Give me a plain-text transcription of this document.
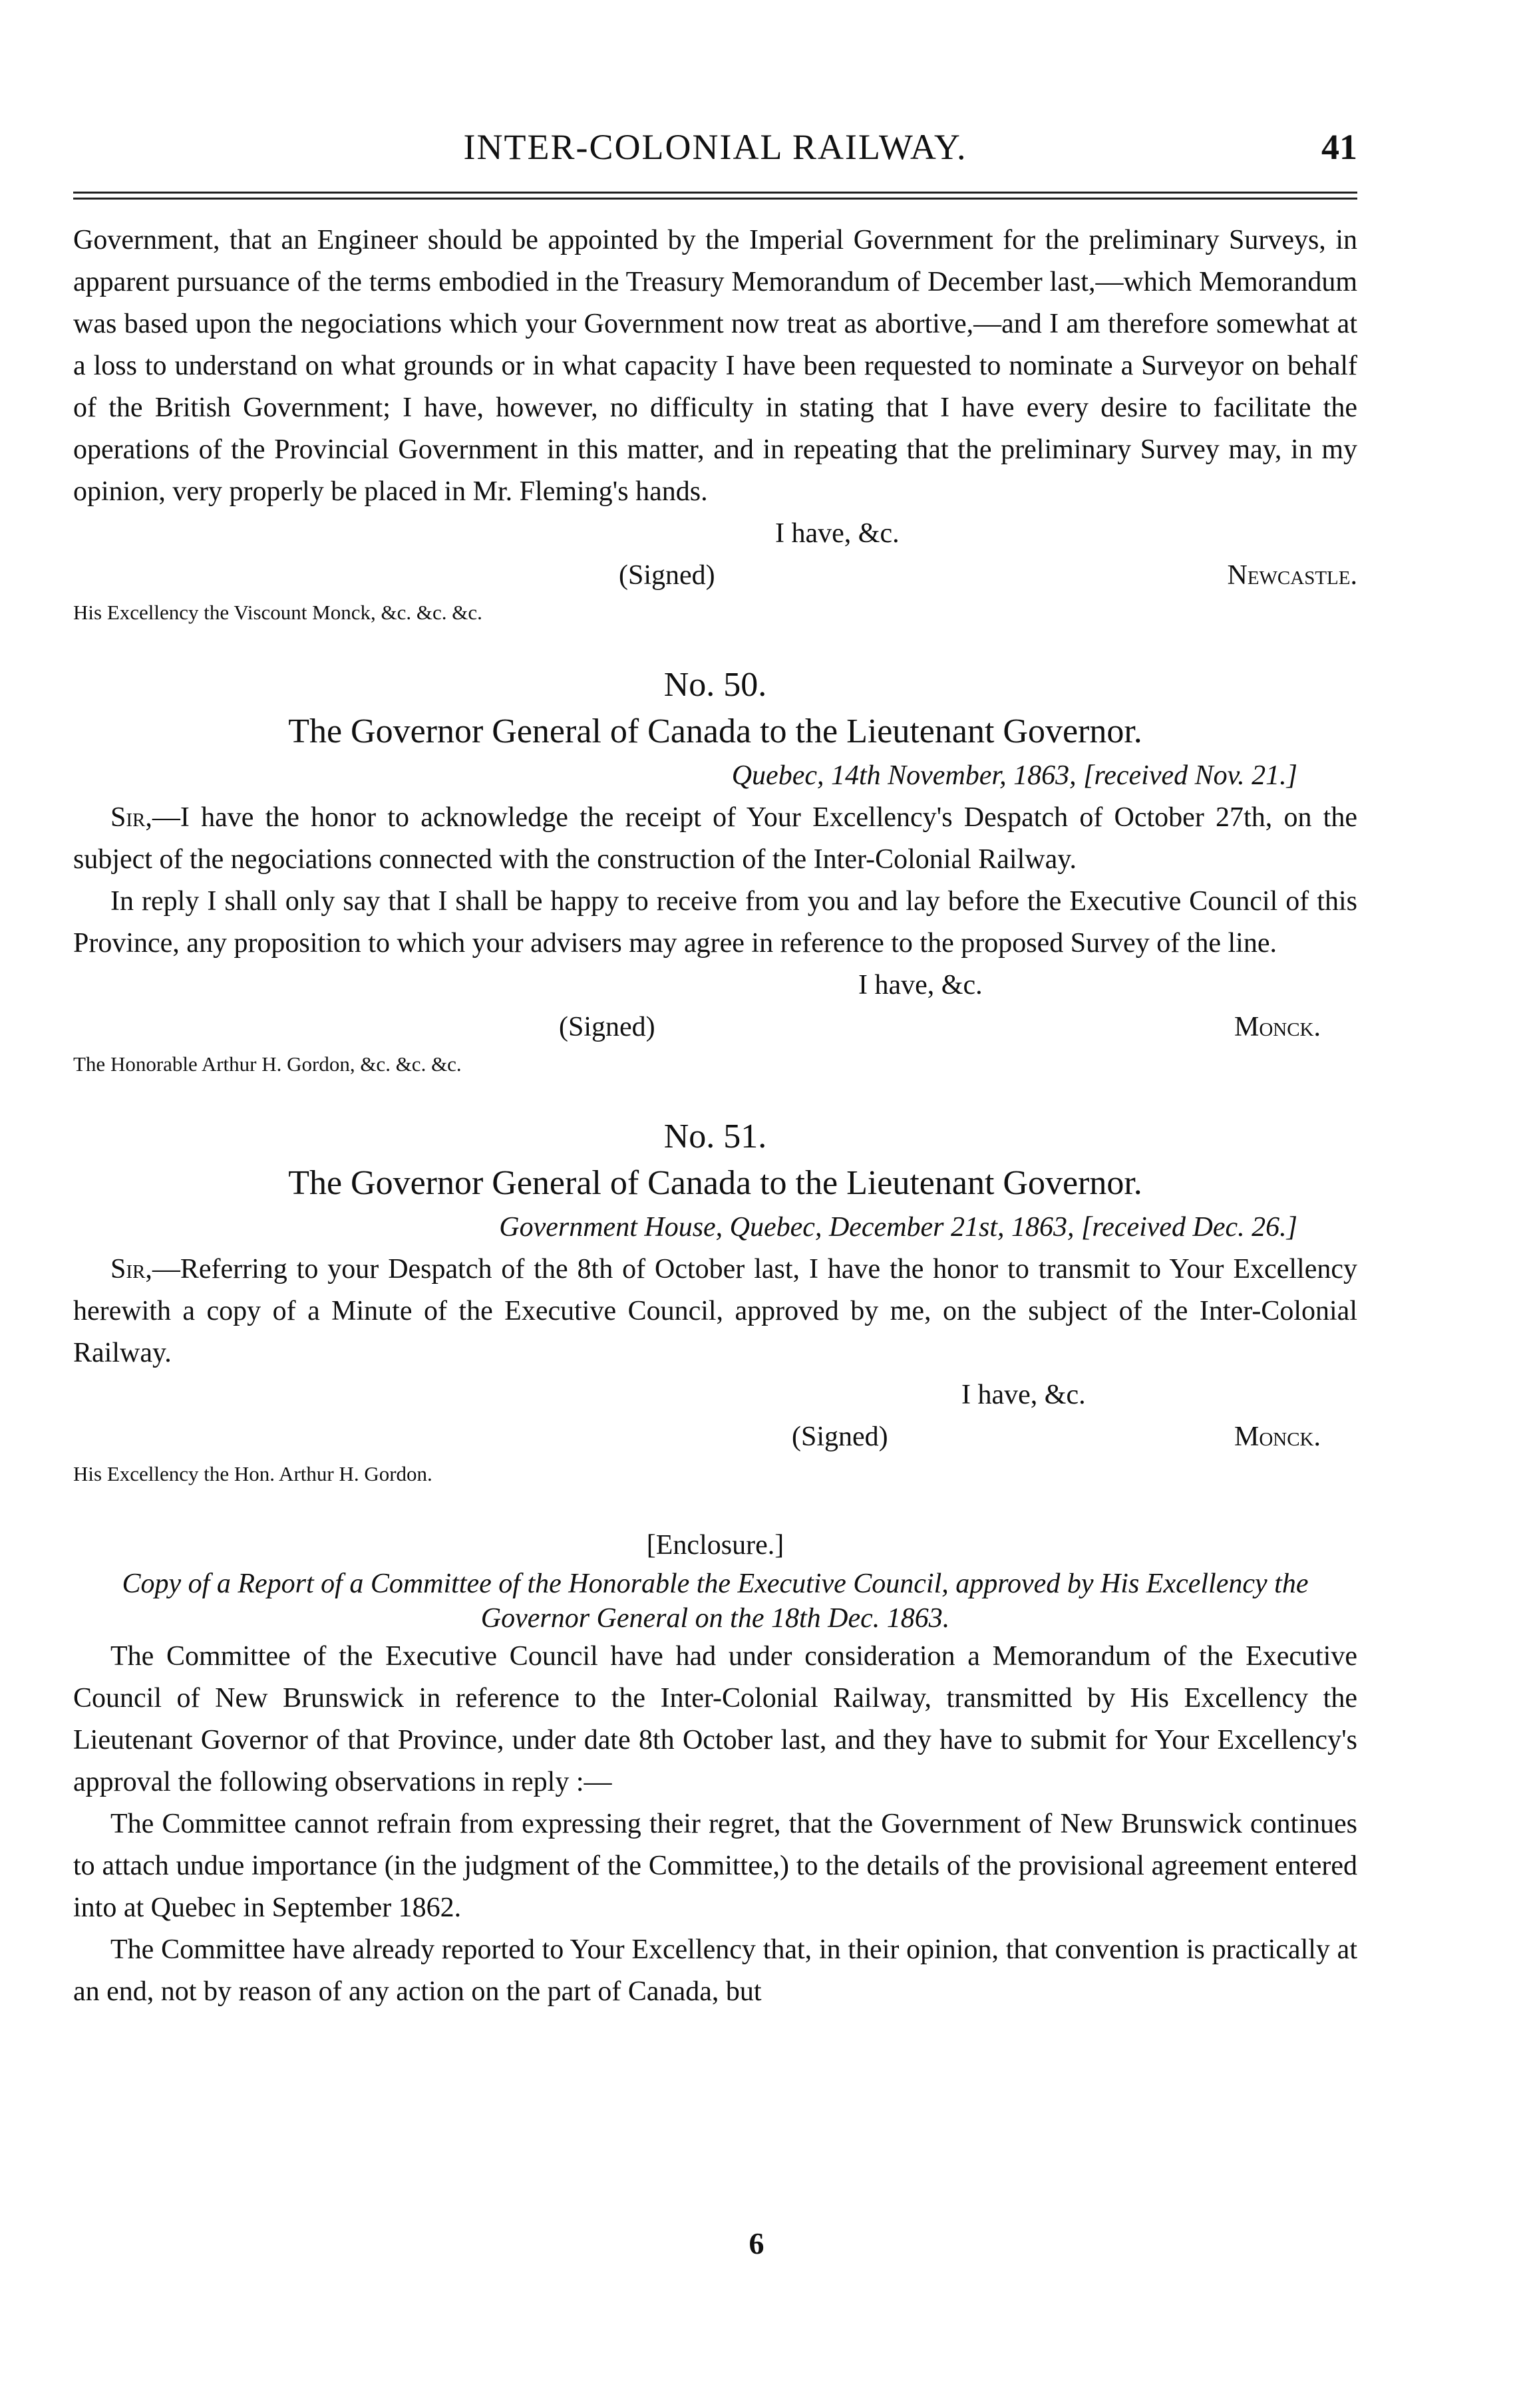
INTER-COLONIAL RAILWAY.	41

Government, that an Engineer should be appointed by the Imperial Government for the preliminary Surveys, in apparent pursuance of the terms embodied in the Treasury Memorandum of December last,—which Memorandum was based upon the negociations which your Government now treat as abortive,—and I am therefore somewhat at a loss to understand on what grounds or in what capacity I have been requested to nominate a Surveyor on behalf of the British Government; I have, however, no difficulty in stating that I have every desire to facilitate the operations of the Provincial Government in this matter, and in repeating that the preliminary Survey may, in my opinion, very properly be placed in Mr. Fleming's hands.

I have, &c.
(Signed)	Newcastle.

His Excellency the Viscount Monck, &c. &c. &c.

No. 50.
The Governor General of Canada to the Lieutenant Governor.
Quebec, 14th November, 1863, [received Nov. 21.]

Sir,—I have the honor to acknowledge the receipt of Your Excellency's Despatch of October 27th, on the subject of the negociations connected with the construction of the Inter-Colonial Railway.

In reply I shall only say that I shall be happy to receive from you and lay before the Executive Council of this Province, any proposition to which your advisers may agree in reference to the proposed Survey of the line.

I have, &c.
(Signed)	Monck.

The Honorable Arthur H. Gordon, &c. &c. &c.

No. 51.
The Governor General of Canada to the Lieutenant Governor.
Government House, Quebec, December 21st, 1863, [received Dec. 26.]

Sir,—Referring to your Despatch of the 8th of October last, I have the honor to transmit to Your Excellency herewith a copy of a Minute of the Executive Council, approved by me, on the subject of the Inter-Colonial Railway.

I have, &c.
(Signed)	Monck.

His Excellency the Hon. Arthur H. Gordon.

[Enclosure.]
Copy of a Report of a Committee of the Honorable the Executive Council, approved by His Excellency the Governor General on the 18th Dec. 1863.

The Committee of the Executive Council have had under consideration a Memorandum of the Executive Council of New Brunswick in reference to the Inter-Colonial Railway, transmitted by His Excellency the Lieutenant Governor of that Province, under date 8th October last, and they have to submit for Your Excellency's approval the following observations in reply :—

The Committee cannot refrain from expressing their regret, that the Government of New Brunswick continues to attach undue importance (in the judgment of the Committee,) to the details of the provisional agreement entered into at Quebec in September 1862.

The Committee have already reported to Your Excellency that, in their opinion, that convention is practically at an end, not by reason of any action on the part of Canada, but

6
